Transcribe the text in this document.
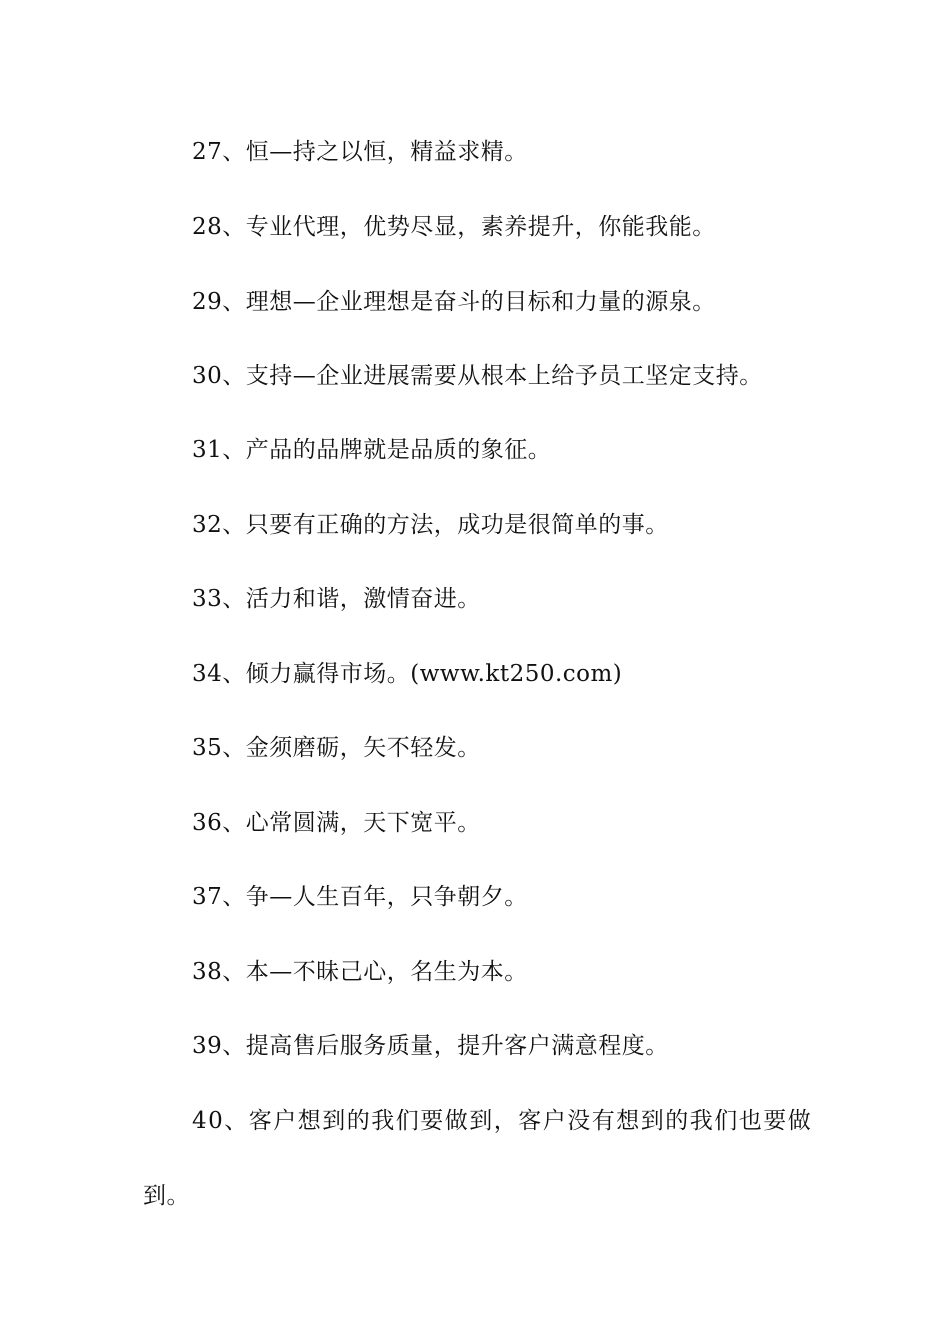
27、恒—持之以恒，精益求精。
28、专业代理，优势尽显，素养提升，你能我能。
29、理想—企业理想是奋斗的目标和力量的源泉。
30、支持—企业进展需要从根本上给予员工坚定支持。
31、产品的品牌就是品质的象征。
32、只要有正确的方法，成功是很简单的事。
33、活力和谐，激情奋进。
34、倾力赢得市场。(www.kt250.com)
35、金须磨砺，矢不轻发。
36、心常圆满，天下宽平。
37、争—人生百年，只争朝夕。
38、本—不昧己心，名生为本。
39、提高售后服务质量，提升客户满意程度。
40、客户想到的我们要做到，客户没有想到的我们也要做
到。
